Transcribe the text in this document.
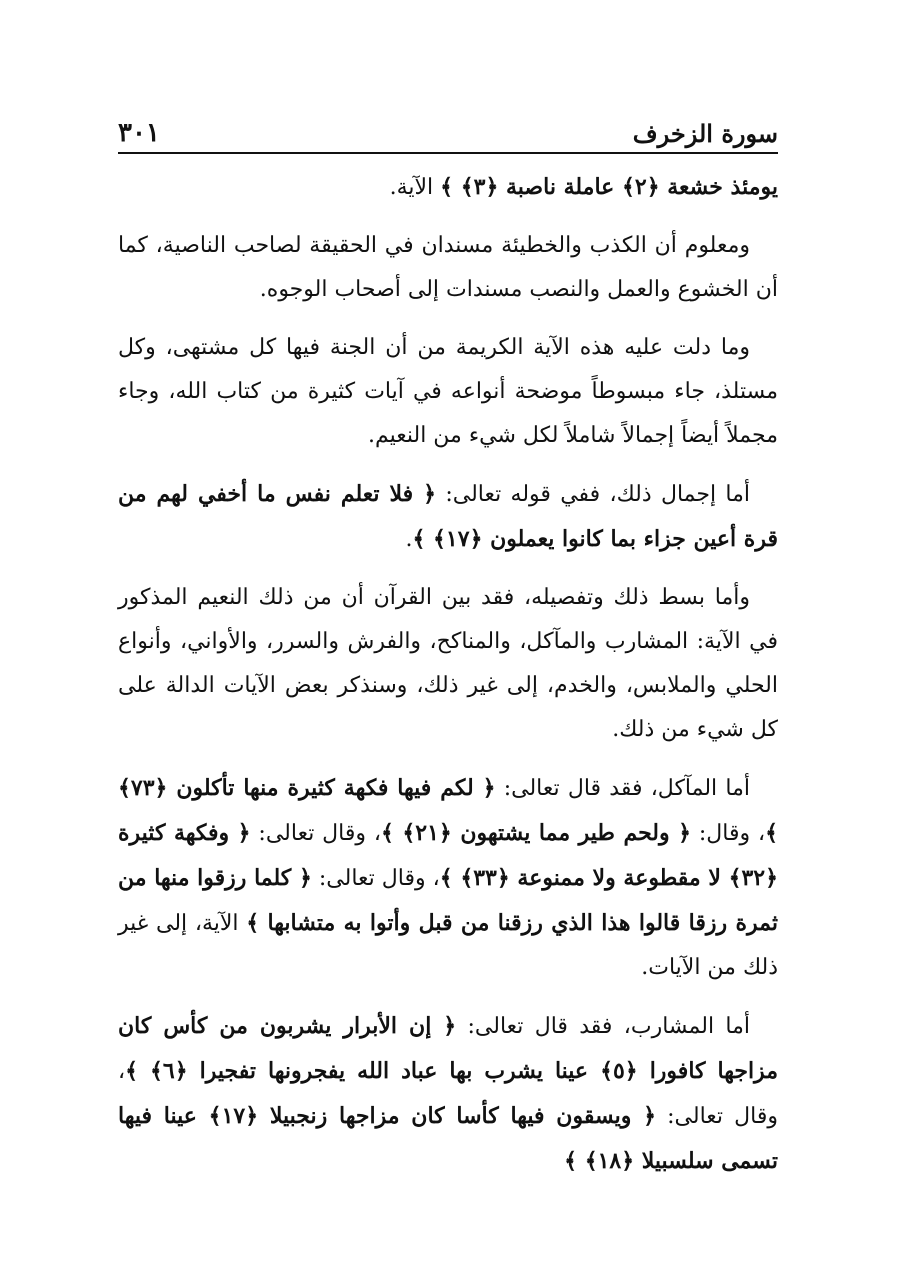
سورة الزخرف
٣٠١

يومئذ خشعة ﴿٢﴾ عاملة ناصبة ﴿٣﴾ ﴾ الآية.

ومعلوم أن الكذب والخطيئة مسندان في الحقيقة لصاحب الناصية، كما أن الخشوع والعمل والنصب مسندات إلى أصحاب الوجوه.

وما دلت عليه هذه الآية الكريمة من أن الجنة فيها كل مشتهى، وكل مستلذ، جاء مبسوطاً موضحة أنواعه في آيات كثيرة من كتاب الله، وجاء مجملاً أيضاً إجمالاً شاملاً لكل شيء من النعيم.

أما إجمال ذلك، ففي قوله تعالى: ﴿ فلا تعلم نفس ما أخفي لهم من قرة أعين جزاء بما كانوا يعملون ﴿١٧﴾ ﴾.

وأما بسط ذلك وتفصيله، فقد بين القرآن أن من ذلك النعيم المذكور في الآية: المشارب والمآكل، والمناكح، والفرش والسرر، والأواني، وأنواع الحلي والملابس، والخدم، إلى غير ذلك، وسنذكر بعض الآيات الدالة على كل شيء من ذلك.

أما المآكل، فقد قال تعالى: ﴿ لكم فيها فكهة كثيرة منها تأكلون ﴿٧٣﴾ ﴾، وقال: ﴿ ولحم طير مما يشتهون ﴿٢١﴾ ﴾، وقال تعالى: ﴿ وفكهة كثيرة ﴿٣٢﴾ لا مقطوعة ولا ممنوعة ﴿٣٣﴾ ﴾، وقال تعالى: ﴿ كلما رزقوا منها من ثمرة رزقا قالوا هذا الذي رزقنا من قبل وأتوا به متشابها ﴾ الآية، إلى غير ذلك من الآيات.

أما المشارب، فقد قال تعالى: ﴿ إن الأبرار يشربون من كأس كان مزاجها كافورا ﴿٥﴾ عينا يشرب بها عباد الله يفجرونها تفجيرا ﴿٦﴾ ﴾، وقال تعالى: ﴿ ويسقون فيها كأسا كان مزاجها زنجبيلا ﴿١٧﴾ عينا فيها تسمى سلسبيلا ﴿١٨﴾ ﴾
